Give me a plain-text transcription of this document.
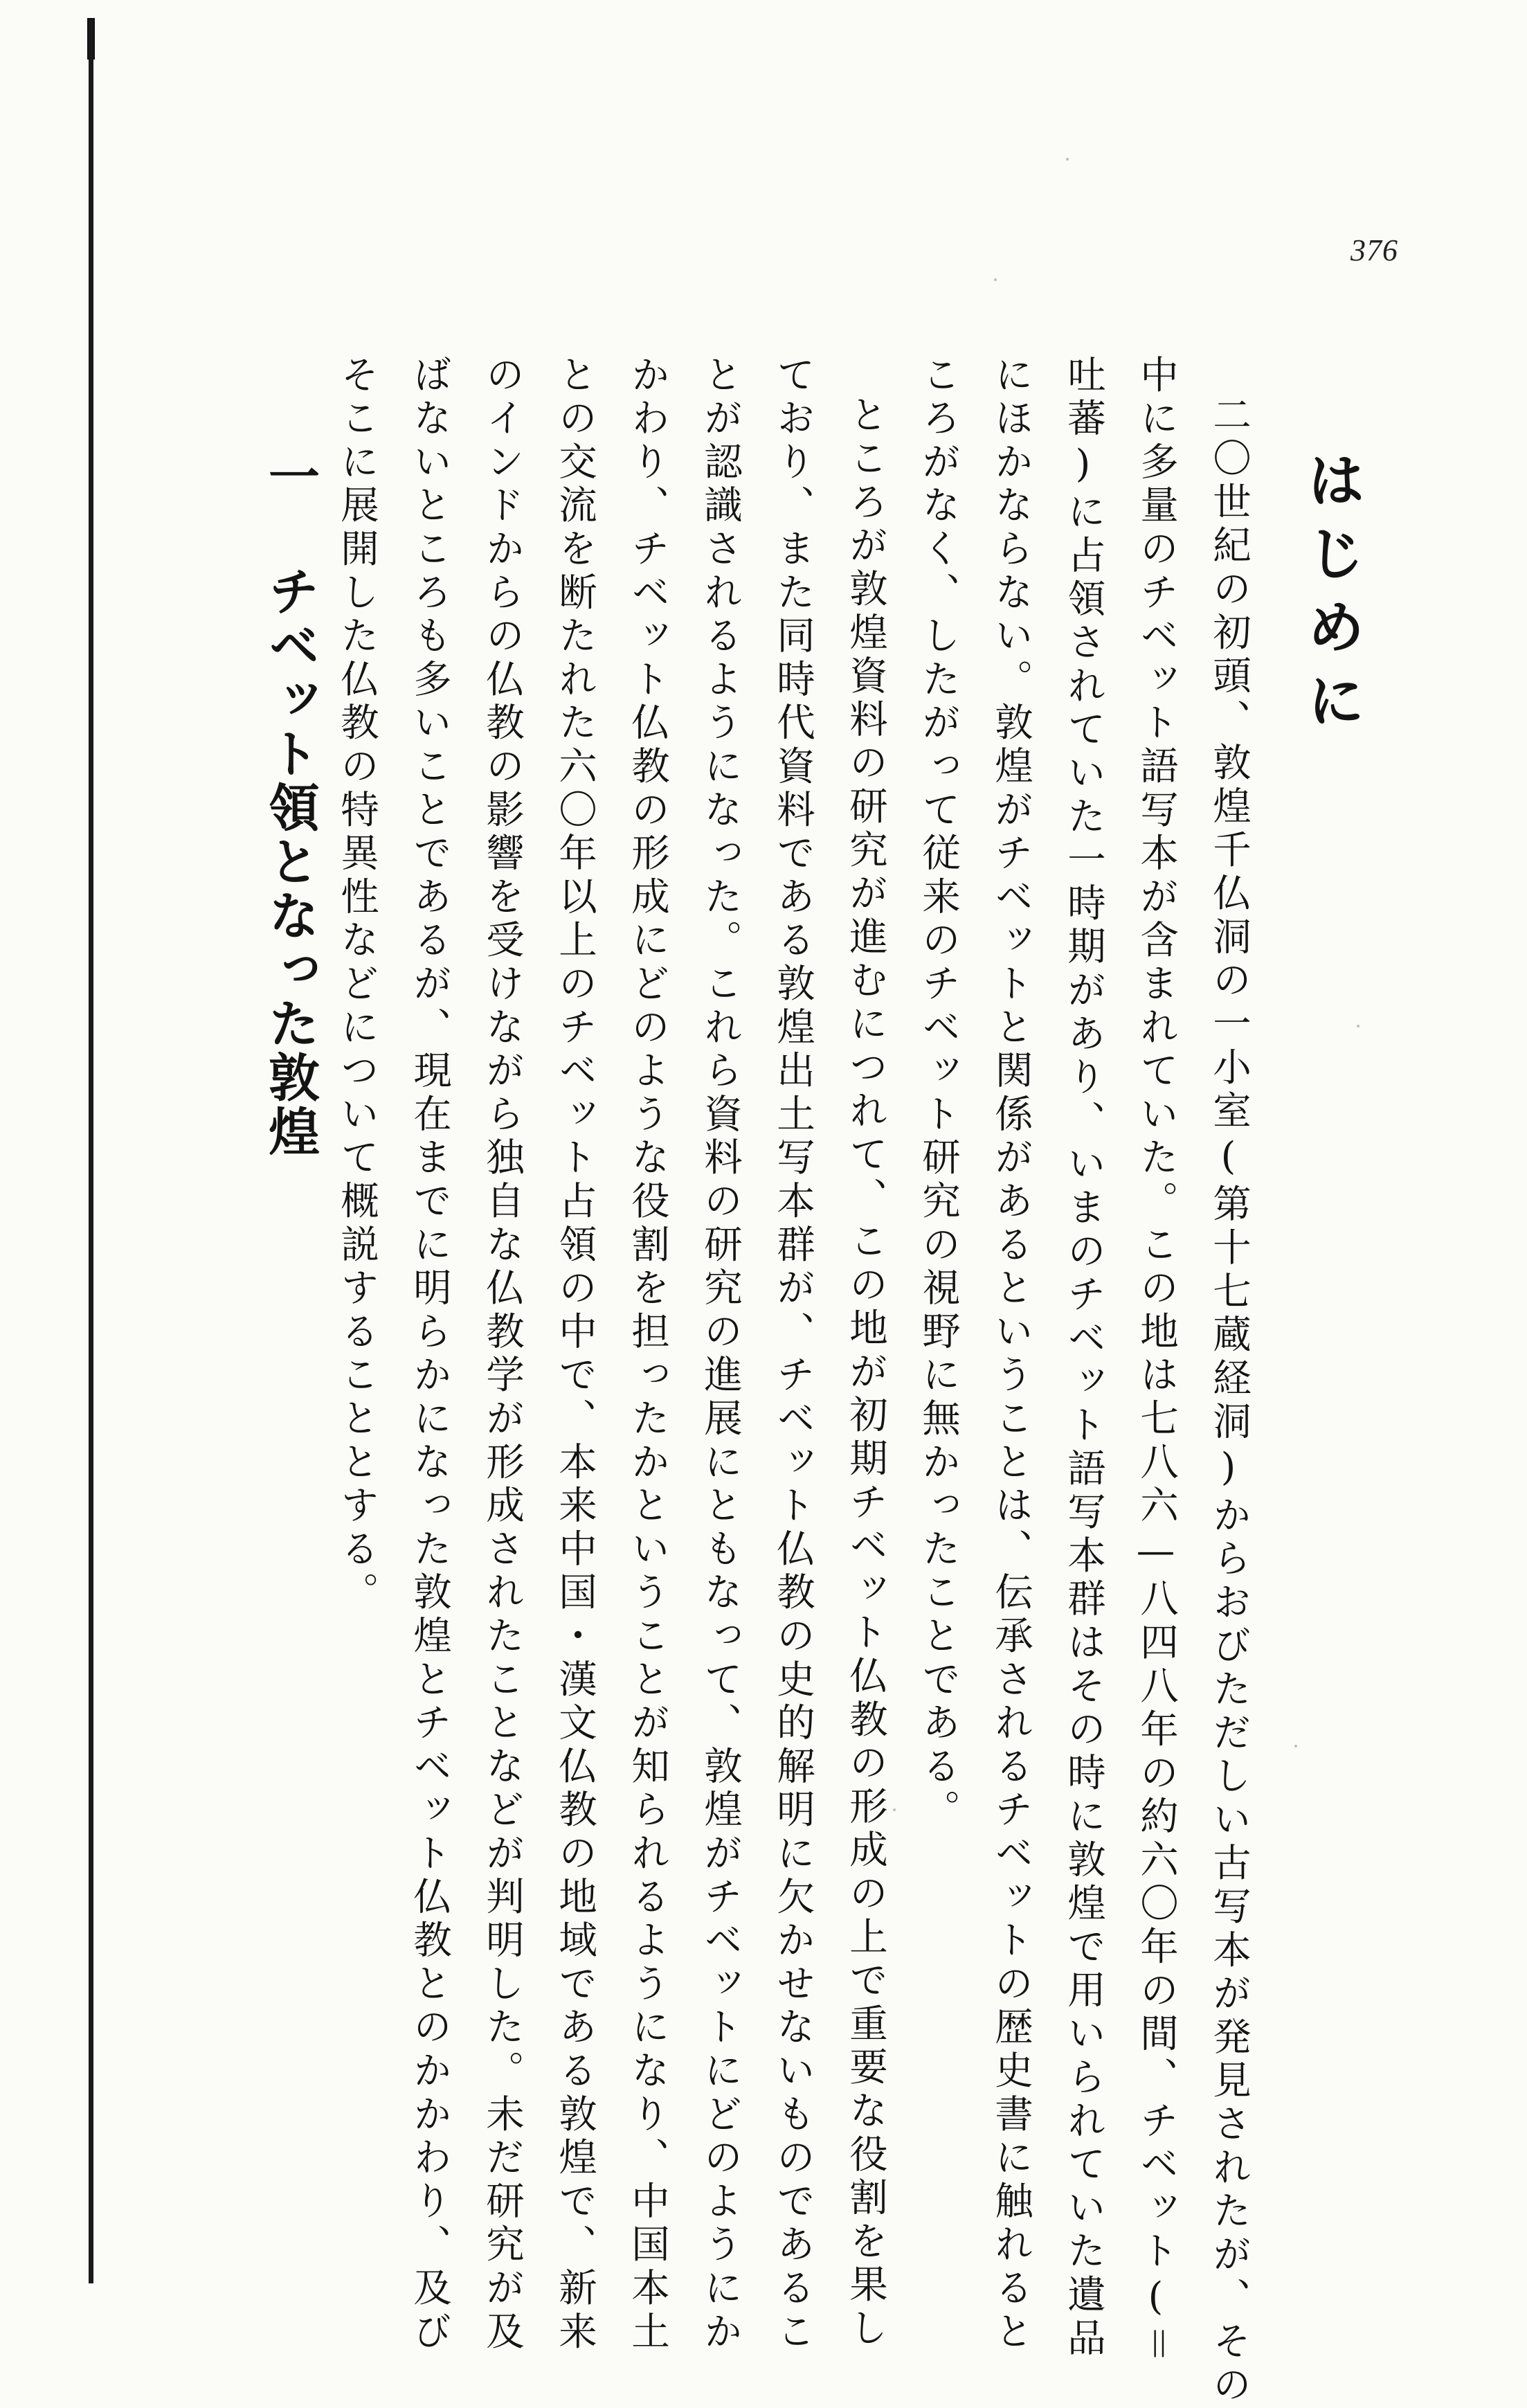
376
はじめに
二〇世紀の初頭、敦煌千仏洞の一小室(第十七蔵経洞)からおびただしい古写本が発見されたが、その
中に多量のチベット語写本が含まれていた。この地は七八六—八四八年の約六〇年の間、チベット(＝
吐蕃)に占領されていた一時期があり、いまのチベット語写本群はその時に敦煌で用いられていた遺品
にほかならない。敦煌がチベットと関係があるということは、伝承されるチベットの歴史書に触れると
ころがなく、したがって従来のチベット研究の視野に無かったことである。
ところが敦煌資料の研究が進むにつれて、この地が初期チベット仏教の形成の上で重要な役割を果し
ており、また同時代資料である敦煌出土写本群が、チベット仏教の史的解明に欠かせないものであるこ
とが認識されるようになった。これら資料の研究の進展にともなって、敦煌がチベットにどのようにか
かわり、チベット仏教の形成にどのような役割を担ったかということが知られるようになり、中国本土
との交流を断たれた六〇年以上のチベット占領の中で、本来中国・漢文仏教の地域である敦煌で、新来
のインドからの仏教の影響を受けながら独自な仏教学が形成されたことなどが判明した。未だ研究が及
ばないところも多いことであるが、現在までに明らかになった敦煌とチベット仏教とのかかわり、及び
そこに展開した仏教の特異性などについて概説することとする。
一チベット領となった敦煌
